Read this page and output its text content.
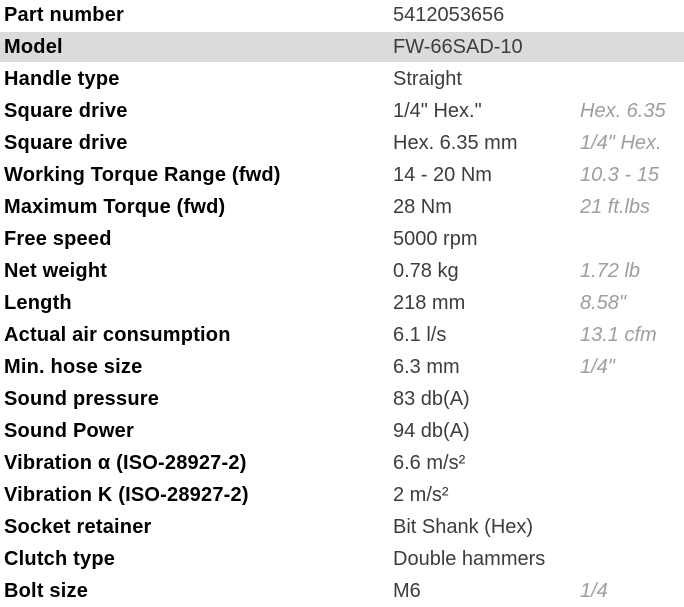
Part number	5412053656
Model	FW-66SAD-10
Handle type	Straight
Square drive	1/4" Hex."	Hex. 6.35
Square drive	Hex. 6.35 mm	1/4" Hex.
Working Torque Range (fwd)	14 - 20 Nm	10.3 - 15
Maximum Torque (fwd)	28 Nm	21 ft.lbs
Free speed	5000 rpm
Net weight	0.78 kg	1.72 lb
Length	218 mm	8.58"
Actual air consumption	6.1 l/s	13.1 cfm
Min. hose size	6.3 mm	1/4"
Sound pressure	83 db(A)
Sound Power	94 db(A)
Vibration α (ISO-28927-2)	6.6 m/s²
Vibration K (ISO-28927-2)	2 m/s²
Socket retainer	Bit Shank (Hex)
Clutch type	Double hammers
Bolt size	M6	1/4
